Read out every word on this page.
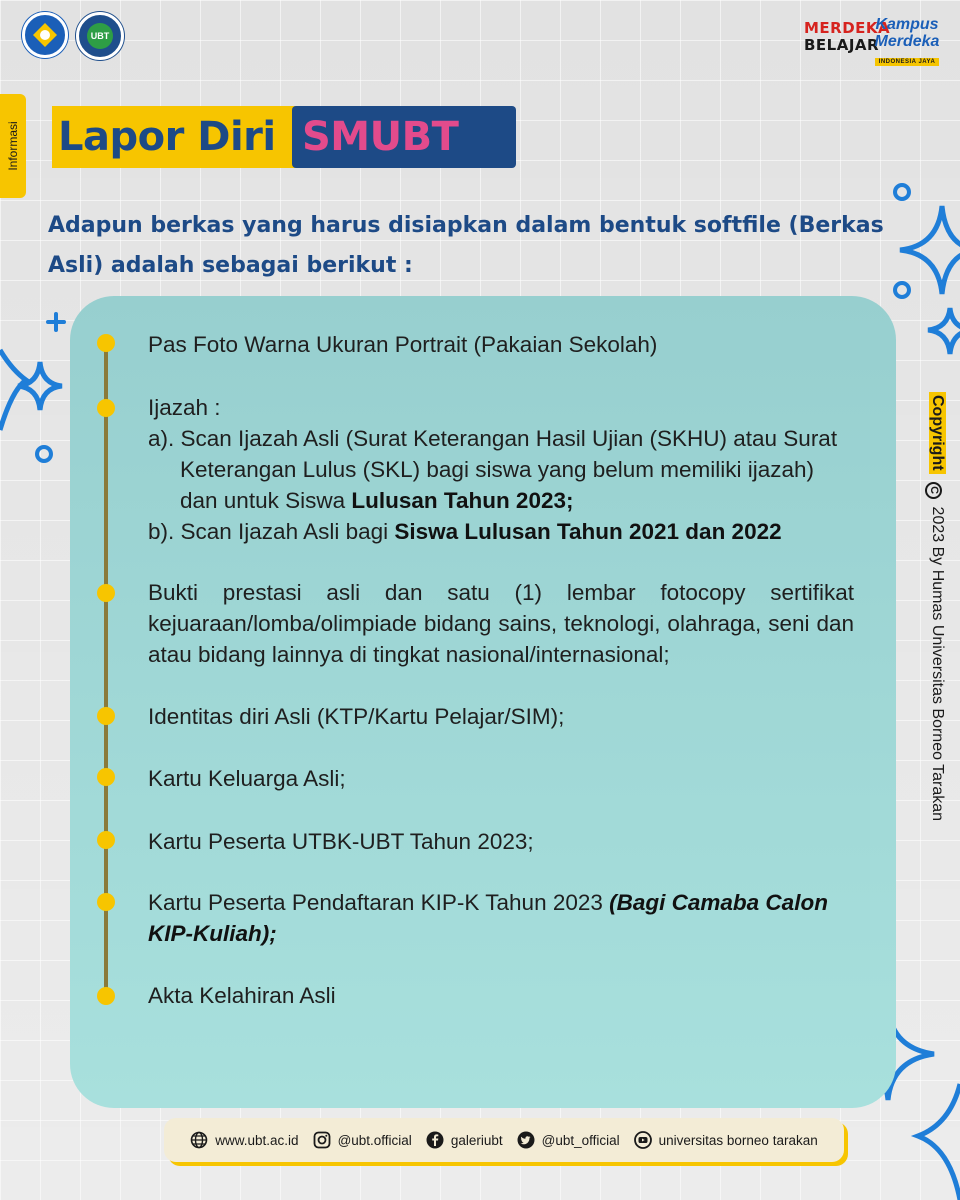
UBT	MERDEKA
BELAJAR
Kampus
Merdeka
INDONESIA JAYA
Informasi Lapor Diri SMUBT
Adapun berkas yang harus disiapkan dalam bentuk softfile (Berkas Asli) adalah sebagai berikut :
Pas Foto Warna Ukuran Portrait (Pakaian Sekolah)
Ijazah :
a). Scan Ijazah Asli (Surat Keterangan Hasil Ujian (SKHU) atau Surat Keterangan Lulus (SKL) bagi siswa yang belum memiliki ijazah) dan untuk Siswa Lulusan Tahun 2023;
b). Scan Ijazah Asli bagi Siswa Lulusan Tahun 2021 dan 2022
Bukti prestasi asli dan satu (1) lembar fotocopy sertifikat kejuaraan/lomba/olimpiade bidang sains, teknologi, olahraga, seni dan atau bidang lainnya di tingkat nasional/internasional;
Identitas diri Asli (KTP/Kartu Pelajar/SIM);
Kartu Keluarga Asli;
Kartu Peserta UTBK-UBT Tahun 2023;
Kartu Peserta Pendaftaran KIP-K Tahun 2023 (Bagi Camaba Calon KIP-Kuliah);
Akta Kelahiran Asli
CopyrightC2023 By Humas Universitas Borneo Tarakan
www.ubt.ac.id	@ubt.official	galeriubt	@ubt_official	universitas borneo tarakan
